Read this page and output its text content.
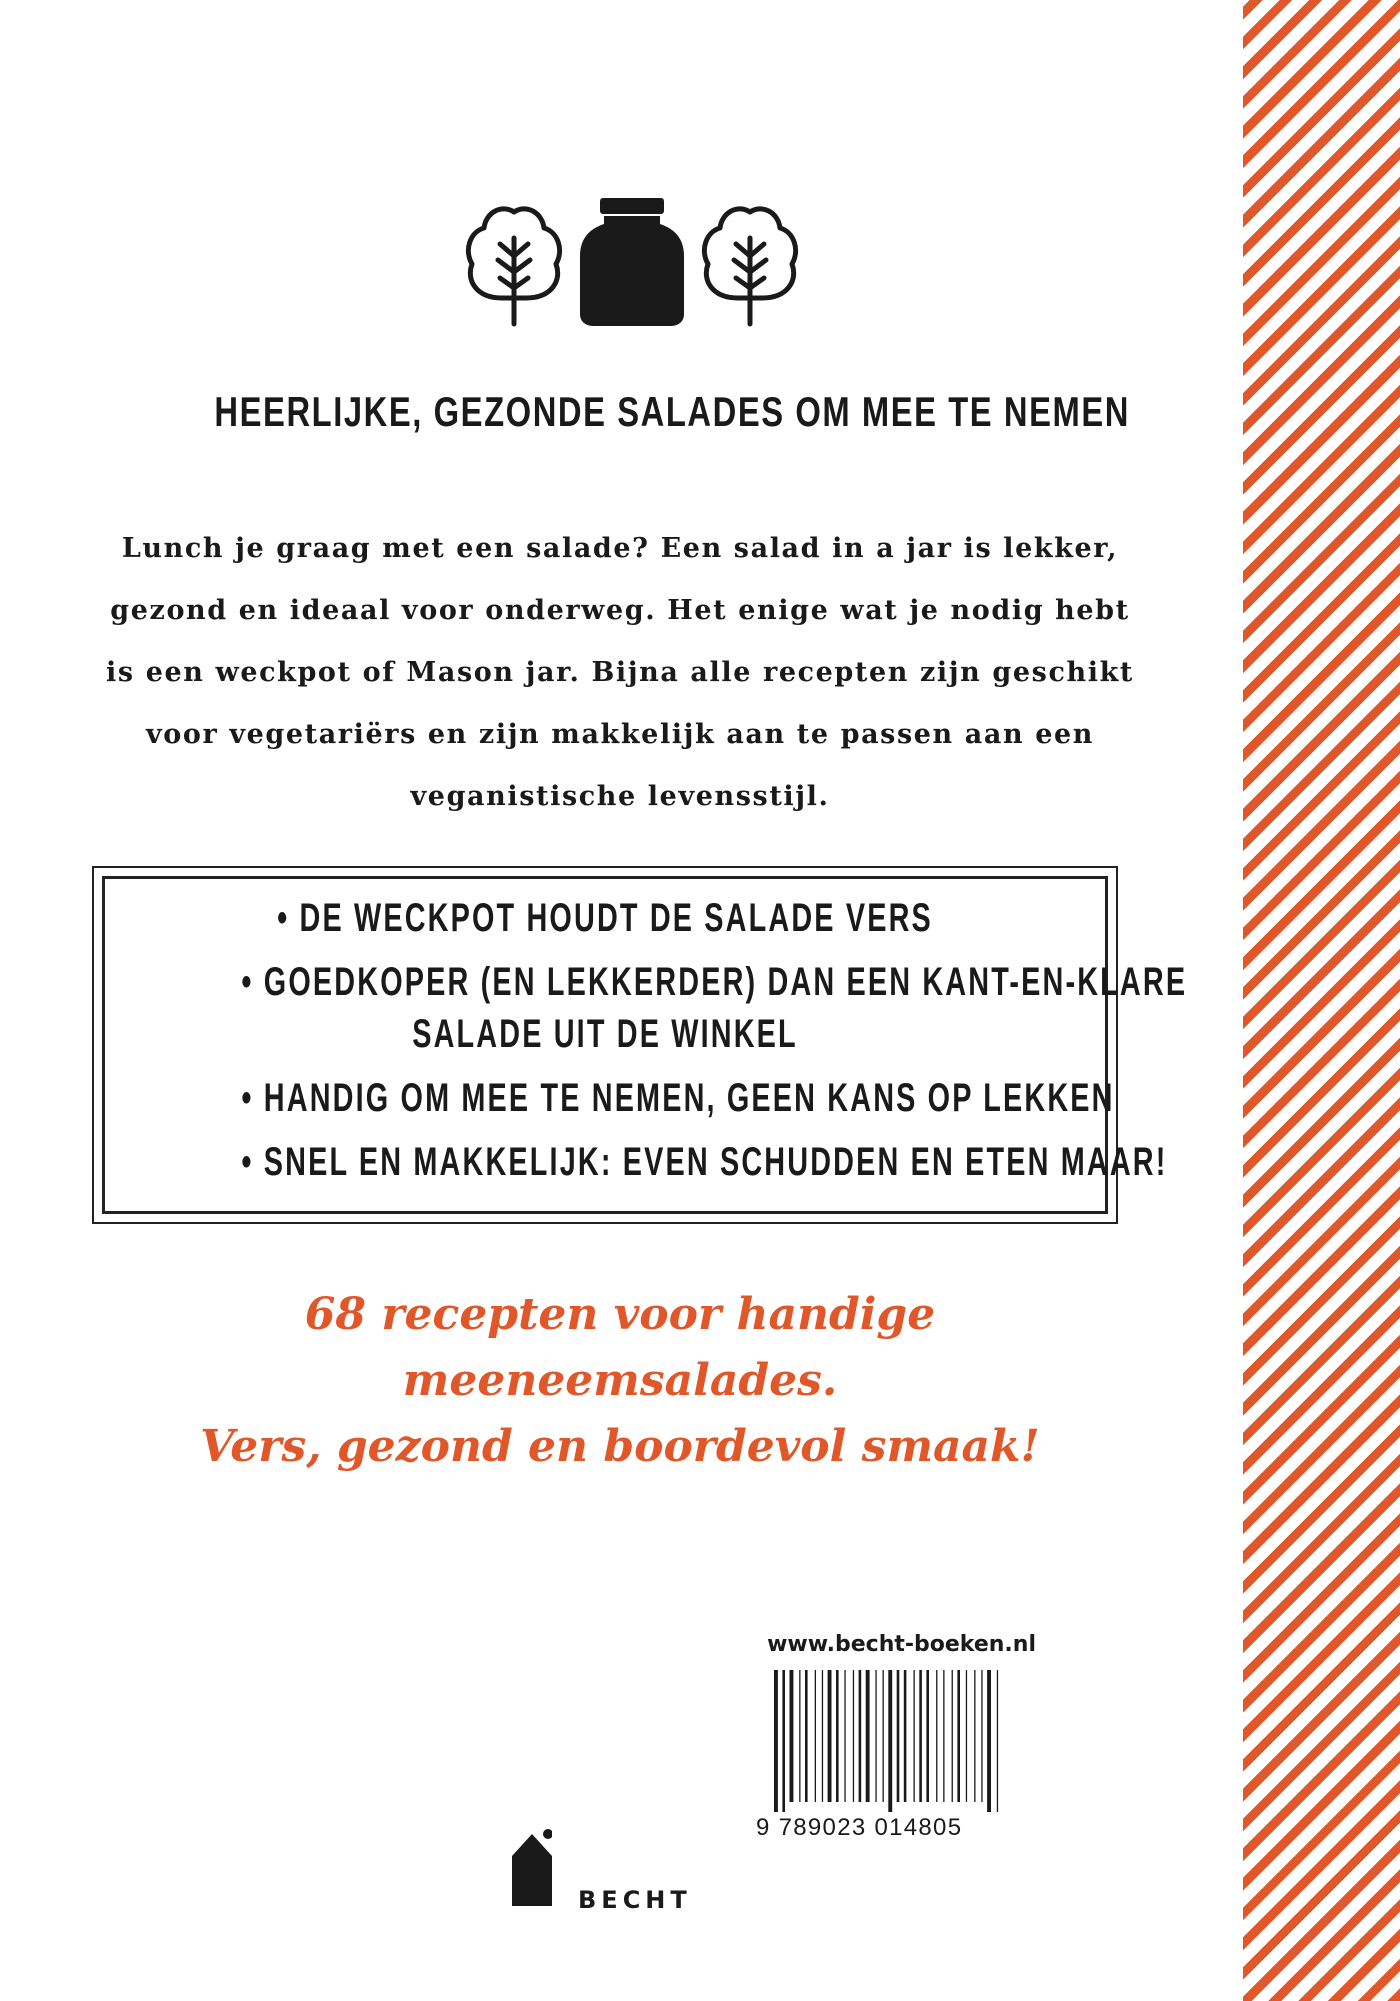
HEERLIJKE, GEZONDE SALADES OM MEE TE NEMEN
Lunch je graag met een salade? Een salad in a jar is lekker,
gezond en ideaal voor onderweg. Het enige wat je nodig hebt
is een weckpot of Mason jar. Bijna alle recepten zijn geschikt
voor vegetariërs en zijn makkelijk aan te passen aan een
veganistische levensstijl.
• DE WECKPOT HOUDT DE SALADE VERS
• GOEDKOPER (EN LEKKERDER) DAN EEN KANT-EN-KLARE
SALADE UIT DE WINKEL
• HANDIG OM MEE TE NEMEN, GEEN KANS OP LEKKEN
• SNEL EN MAKKELIJK: EVEN SCHUDDEN EN ETEN MAAR!
68 recepten voor handige
meeneemsalades.
Vers, gezond en boordevol smaak!
www.becht-boeken.nl
9 789023 014805
BECHT
